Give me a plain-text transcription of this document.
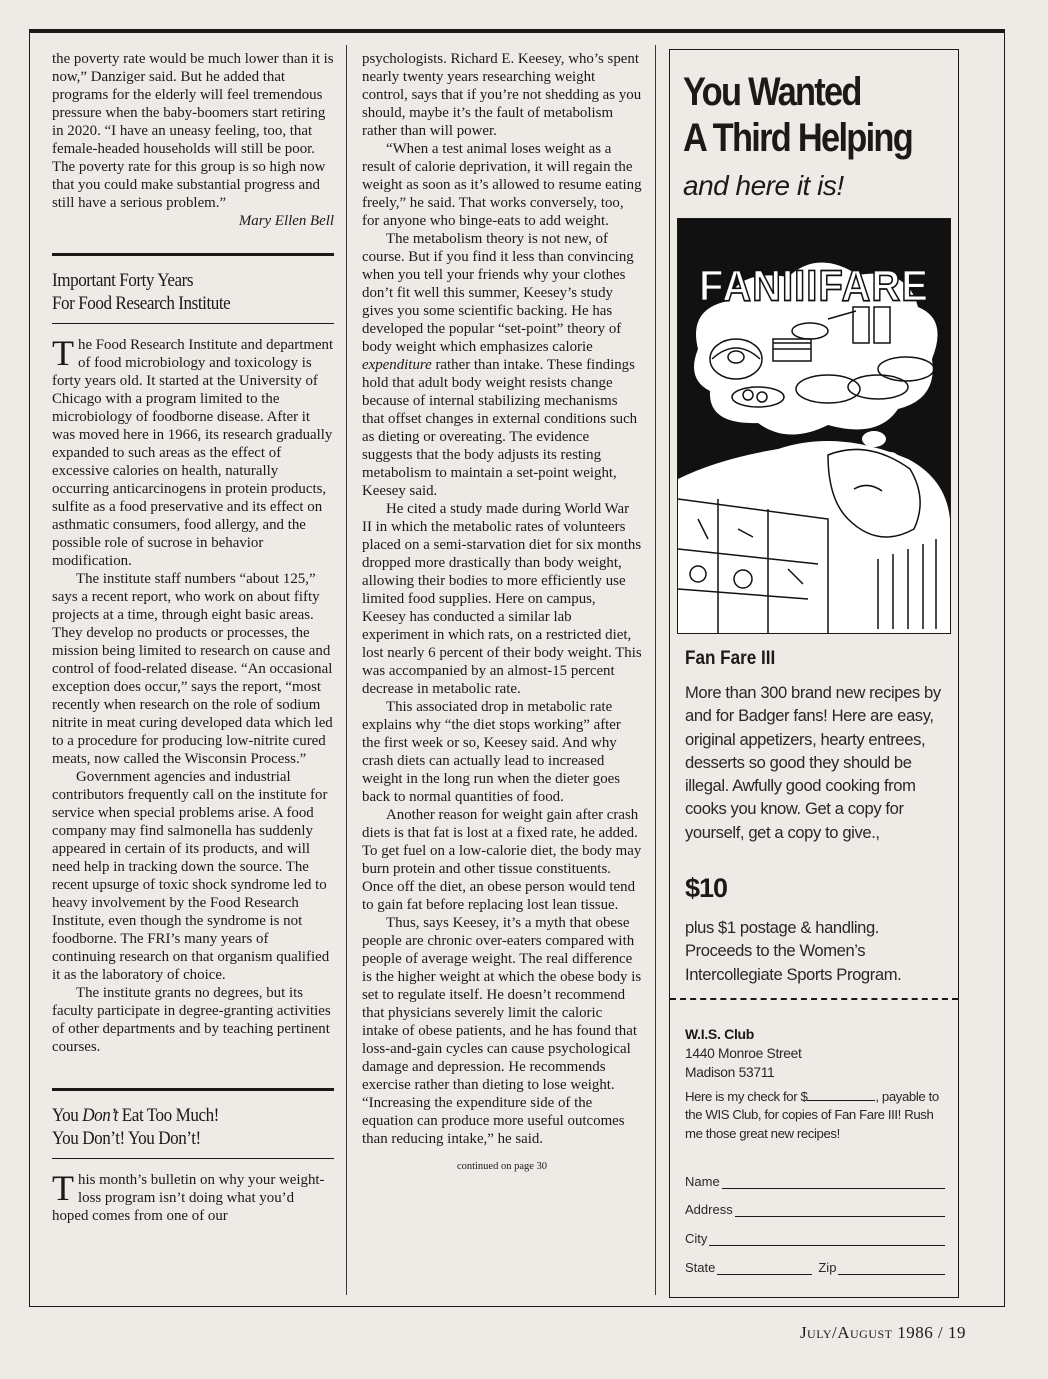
the poverty rate would be much lower than it is now,” Danziger said. But he added that programs for the elderly will feel tremendous pressure when the baby-boomers start retiring in 2020. “I have an uneasy feeling, too, that female-headed households will still be poor. The poverty rate for this group is so high now that you could make substantial progress and still have a serious problem.”

Mary Ellen Bell

Important Forty Years

For Food Research Institute

The Food Research Institute and department of food microbiology and toxicology is forty years old. It started at the University of Chicago with a program limited to the microbiology of foodborne disease. After it was moved here in 1966, its research gradually expanded to such areas as the effect of excessive calories on health, naturally occurring anticarcinogens in protein products, sulfite as a food preservative and its effect on asthmatic consumers, food allergy, and the possible role of sucrose in behavior modification.

The institute staff numbers “about 125,” says a recent report, who work on about fifty projects at a time, through eight basic areas. They develop no products or processes, the mission being limited to research on cause and control of food-related disease. “An occasional exception does occur,” says the report, “most recently when research on the role of sodium nitrite in meat curing developed data which led to a procedure for producing low-nitrite cured meats, now called the Wisconsin Process.”

Government agencies and industrial contributors frequently call on the institute for service when special problems arise. A food company may find salmonella has suddenly appeared in certain of its products, and will need help in tracking down the source. The recent upsurge of toxic shock syndrome led to heavy involvement by the Food Research Institute, even though the syndrome is not foodborne. The FRI’s many years of continuing research on that organism qualified it as the laboratory of choice.

The institute grants no degrees, but its faculty participate in degree-granting activities of other departments and by teaching pertinent courses.

You Don’t Eat Too Much!

You Don’t! You Don’t!

This month’s bulletin on why your weight-loss program isn’t doing what you’d hoped comes from one of our

psychologists. Richard E. Keesey, who’s spent nearly twenty years researching weight control, says that if you’re not shedding as you should, maybe it’s the fault of metabolism rather than will power.

“When a test animal loses weight as a result of calorie deprivation, it will regain the weight as soon as it’s allowed to resume eating freely,” he said. That works conversely, too, for anyone who binge-eats to add weight.

The metabolism theory is not new, of course. But if you find it less than convincing when you tell your friends why your clothes don’t fit well this summer, Keesey’s study gives you some scientific backing. He has developed the popular “set-point” theory of body weight which emphasizes calorie expenditure rather than intake. These findings hold that adult body weight resists change because of internal stabilizing mechanisms that offset changes in external conditions such as dieting or overeating. The evidence suggests that the body adjusts its resting metabolism to maintain a set-point weight, Keesey said.

He cited a study made during World War II in which the metabolic rates of volunteers placed on a semi-starvation diet for six months dropped more drastically than body weight, allowing their bodies to more efficiently use limited food supplies. Here on campus, Keesey has conducted a similar lab experiment in which rats, on a restricted diet, lost nearly 6 percent of their body weight. This was accompanied by an almost-15 percent decrease in metabolic rate.

This associated drop in metabolic rate explains why “the diet stops working” after the first week or so, Keesey said. And why crash diets can actually lead to increased weight in the long run when the dieter goes back to normal quantities of food.

Another reason for weight gain after crash diets is that fat is lost at a fixed rate, he added. To get fuel on a low-calorie diet, the body may burn protein and other tissue constituents. Once off the diet, an obese person would tend to gain fat before replacing lost lean tissue.

Thus, says Keesey, it’s a myth that obese people are chronic over-eaters compared with people of average weight. The real difference is the higher weight at which the obese body is set to regulate itself. He doesn’t recommend that physicians severely limit the caloric intake of obese patients, and he has found that loss-and-gain cycles can cause psychological damage and depression. He recommends exercise rather than dieting to lose weight. “Increasing the expenditure side of the equation can produce more useful outcomes than reducing intake,” he said.

continued on page 30

You Wanted
A Third Helping
and here it is!
FANIIIFARE
Fan Fare III
More than 300 brand new recipes by and for Badger fans! Here are easy, original appetizers, hearty entrees, desserts so good they should be illegal. Awfully good cooking from cooks you know. Get a copy for yourself, get a copy to give.,
$10
plus $1 postage & handling. Proceeds to the Women’s Intercollegiate Sports Program.
W.I.S. Club
1440 Monroe Street
Madison 53711
Here is my check for $	, payable to the WIS Club, for copies of Fan Fare III! Rush me those great new recipes!
Name
Address
City
State	Zip
July/August 1986 / 19
